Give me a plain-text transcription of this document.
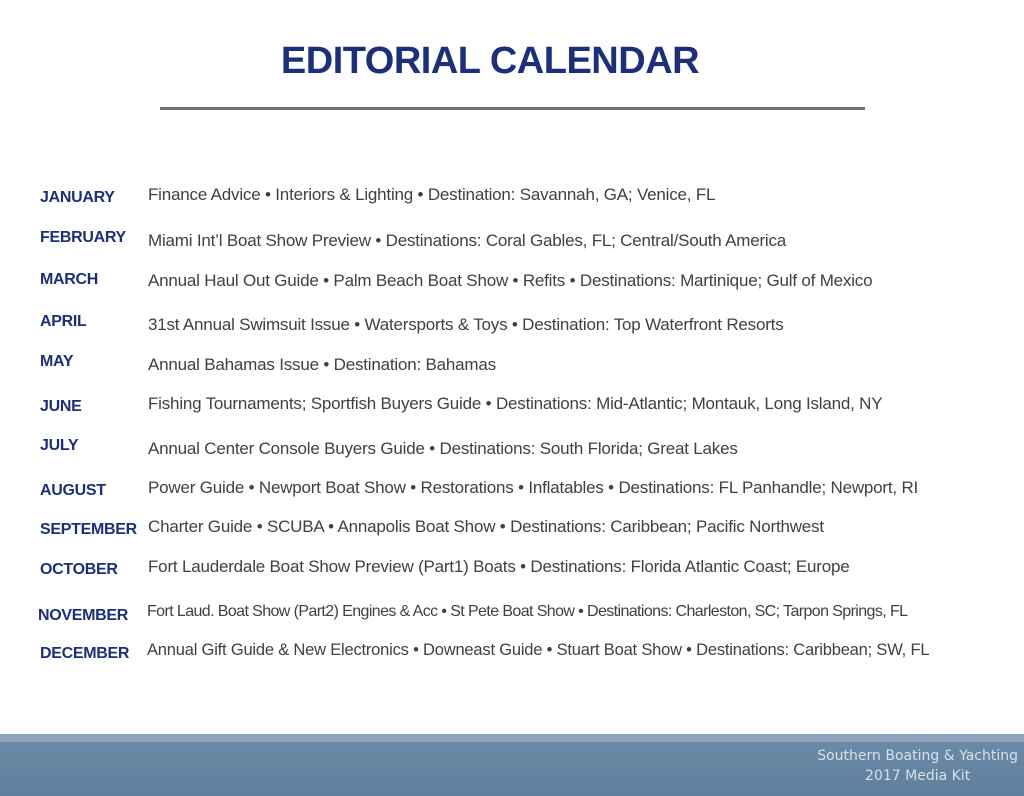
EDITORIAL CALENDAR
JANUARY Finance Advice • Interiors & Lighting • Destination: Savannah, GA; Venice, FL
FEBRUARY Miami Int’l Boat Show Preview • Destinations: Coral Gables, FL; Central/South America
MARCH	Annual Haul Out Guide • Palm Beach Boat Show • Refits • Destinations: Martinique; Gulf of Mexico
APRIL	31st Annual Swimsuit Issue • Watersports & Toys • Destination: Top Waterfront Resorts
MAY	Annual Bahamas Issue • Destination: Bahamas
JUNE	Fishing Tournaments; Sportfish Buyers Guide • Destinations: Mid-Atlantic; Montauk, Long Island, NY
JULY	Annual Center Console Buyers Guide • Destinations: South Florida; Great Lakes
AUGUST Power Guide • Newport Boat Show • Restorations • Inflatables • Destinations: FL Panhandle; Newport, RI
SEPTEMBER Charter Guide • SCUBA • Annapolis Boat Show • Destinations: Caribbean; Pacific Northwest
OCTOBER Fort Lauderdale Boat Show Preview (Part1) Boats • Destinations: Florida Atlantic Coast; Europe
NOVEMBER Fort Laud. Boat Show (Part2) Engines & Acc • St Pete Boat Show • Destinations: Charleston, SC; Tarpon Springs, FL
DECEMBER Annual Gift Guide & New Electronics • Downeast Guide • Stuart Boat Show • Destinations: Caribbean; SW, FL
Southern Boating & Yachting
2017 Media Kit
